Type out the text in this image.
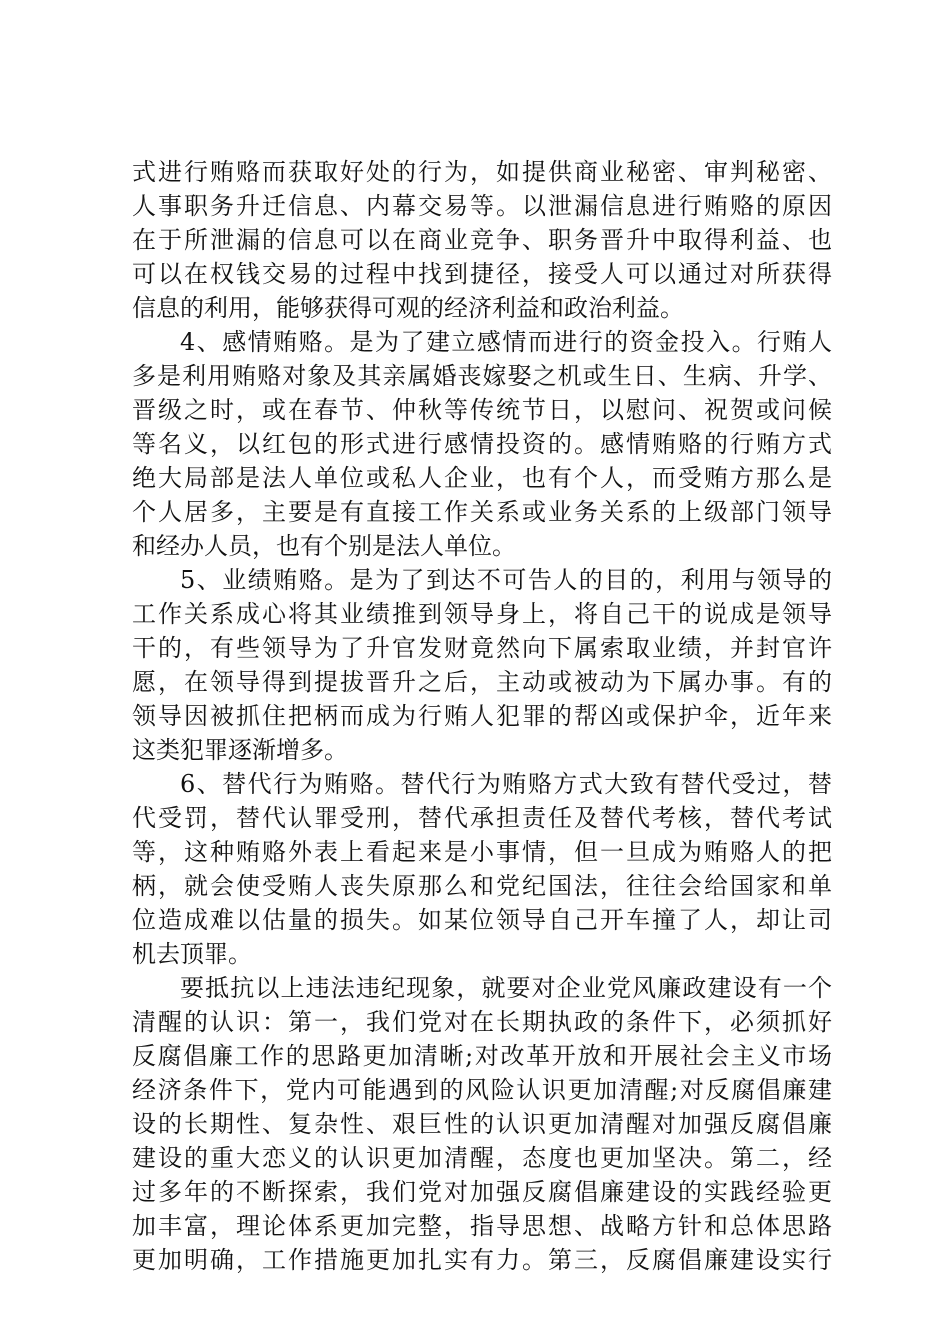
式进行贿赂而获取好处的行为，如提供商业秘密、审判秘密、
人事职务升迁信息、内幕交易等。以泄漏信息进行贿赂的原因
在于所泄漏的信息可以在商业竞争、职务晋升中取得利益、也
可以在权钱交易的过程中找到捷径，接受人可以通过对所获得
信息的利用，能够获得可观的经济利益和政治利益。
4、感情贿赂。是为了建立感情而进行的资金投入。行贿人
多是利用贿赂对象及其亲属婚丧嫁娶之机或生日、生病、升学、
晋级之时，或在春节、仲秋等传统节日，以慰问、祝贺或问候
等名义，以红包的形式进行感情投资的。感情贿赂的行贿方式
绝大局部是法人单位或私人企业，也有个人，而受贿方那么是
个人居多，主要是有直接工作关系或业务关系的上级部门领导
和经办人员，也有个别是法人单位。
5、业绩贿赂。是为了到达不可告人的目的，利用与领导的
工作关系成心将其业绩推到领导身上，将自己干的说成是领导
干的，有些领导为了升官发财竟然向下属索取业绩，并封官许
愿，在领导得到提拔晋升之后，主动或被动为下属办事。有的
领导因被抓住把柄而成为行贿人犯罪的帮凶或保护伞，近年来
这类犯罪逐渐增多。
6、替代行为贿赂。替代行为贿赂方式大致有替代受过，替
代受罚，替代认罪受刑，替代承担责任及替代考核，替代考试
等，这种贿赂外表上看起来是小事情，但一旦成为贿赂人的把
柄，就会使受贿人丧失原那么和党纪国法，往往会给国家和单
位造成难以估量的损失。如某位领导自己开车撞了人，却让司
机去顶罪。
要抵抗以上违法违纪现象，就要对企业党风廉政建设有一个
清醒的认识：第一，我们党对在长期执政的条件下，必须抓好
反腐倡廉工作的思路更加清晰;对改革开放和开展社会主义市场
经济条件下，党内可能遇到的风险认识更加清醒;对反腐倡廉建
设的长期性、复杂性、艰巨性的认识更加清醒对加强反腐倡廉
建设的重大恋义的认识更加清醒，态度也更加坚决。第二，经
过多年的不断探索，我们党对加强反腐倡廉建设的实践经验更
加丰富，理论体系更加完整，指导思想、战略方针和总体思路
更加明确，工作措施更加扎实有力。第三，反腐倡廉建设实行
